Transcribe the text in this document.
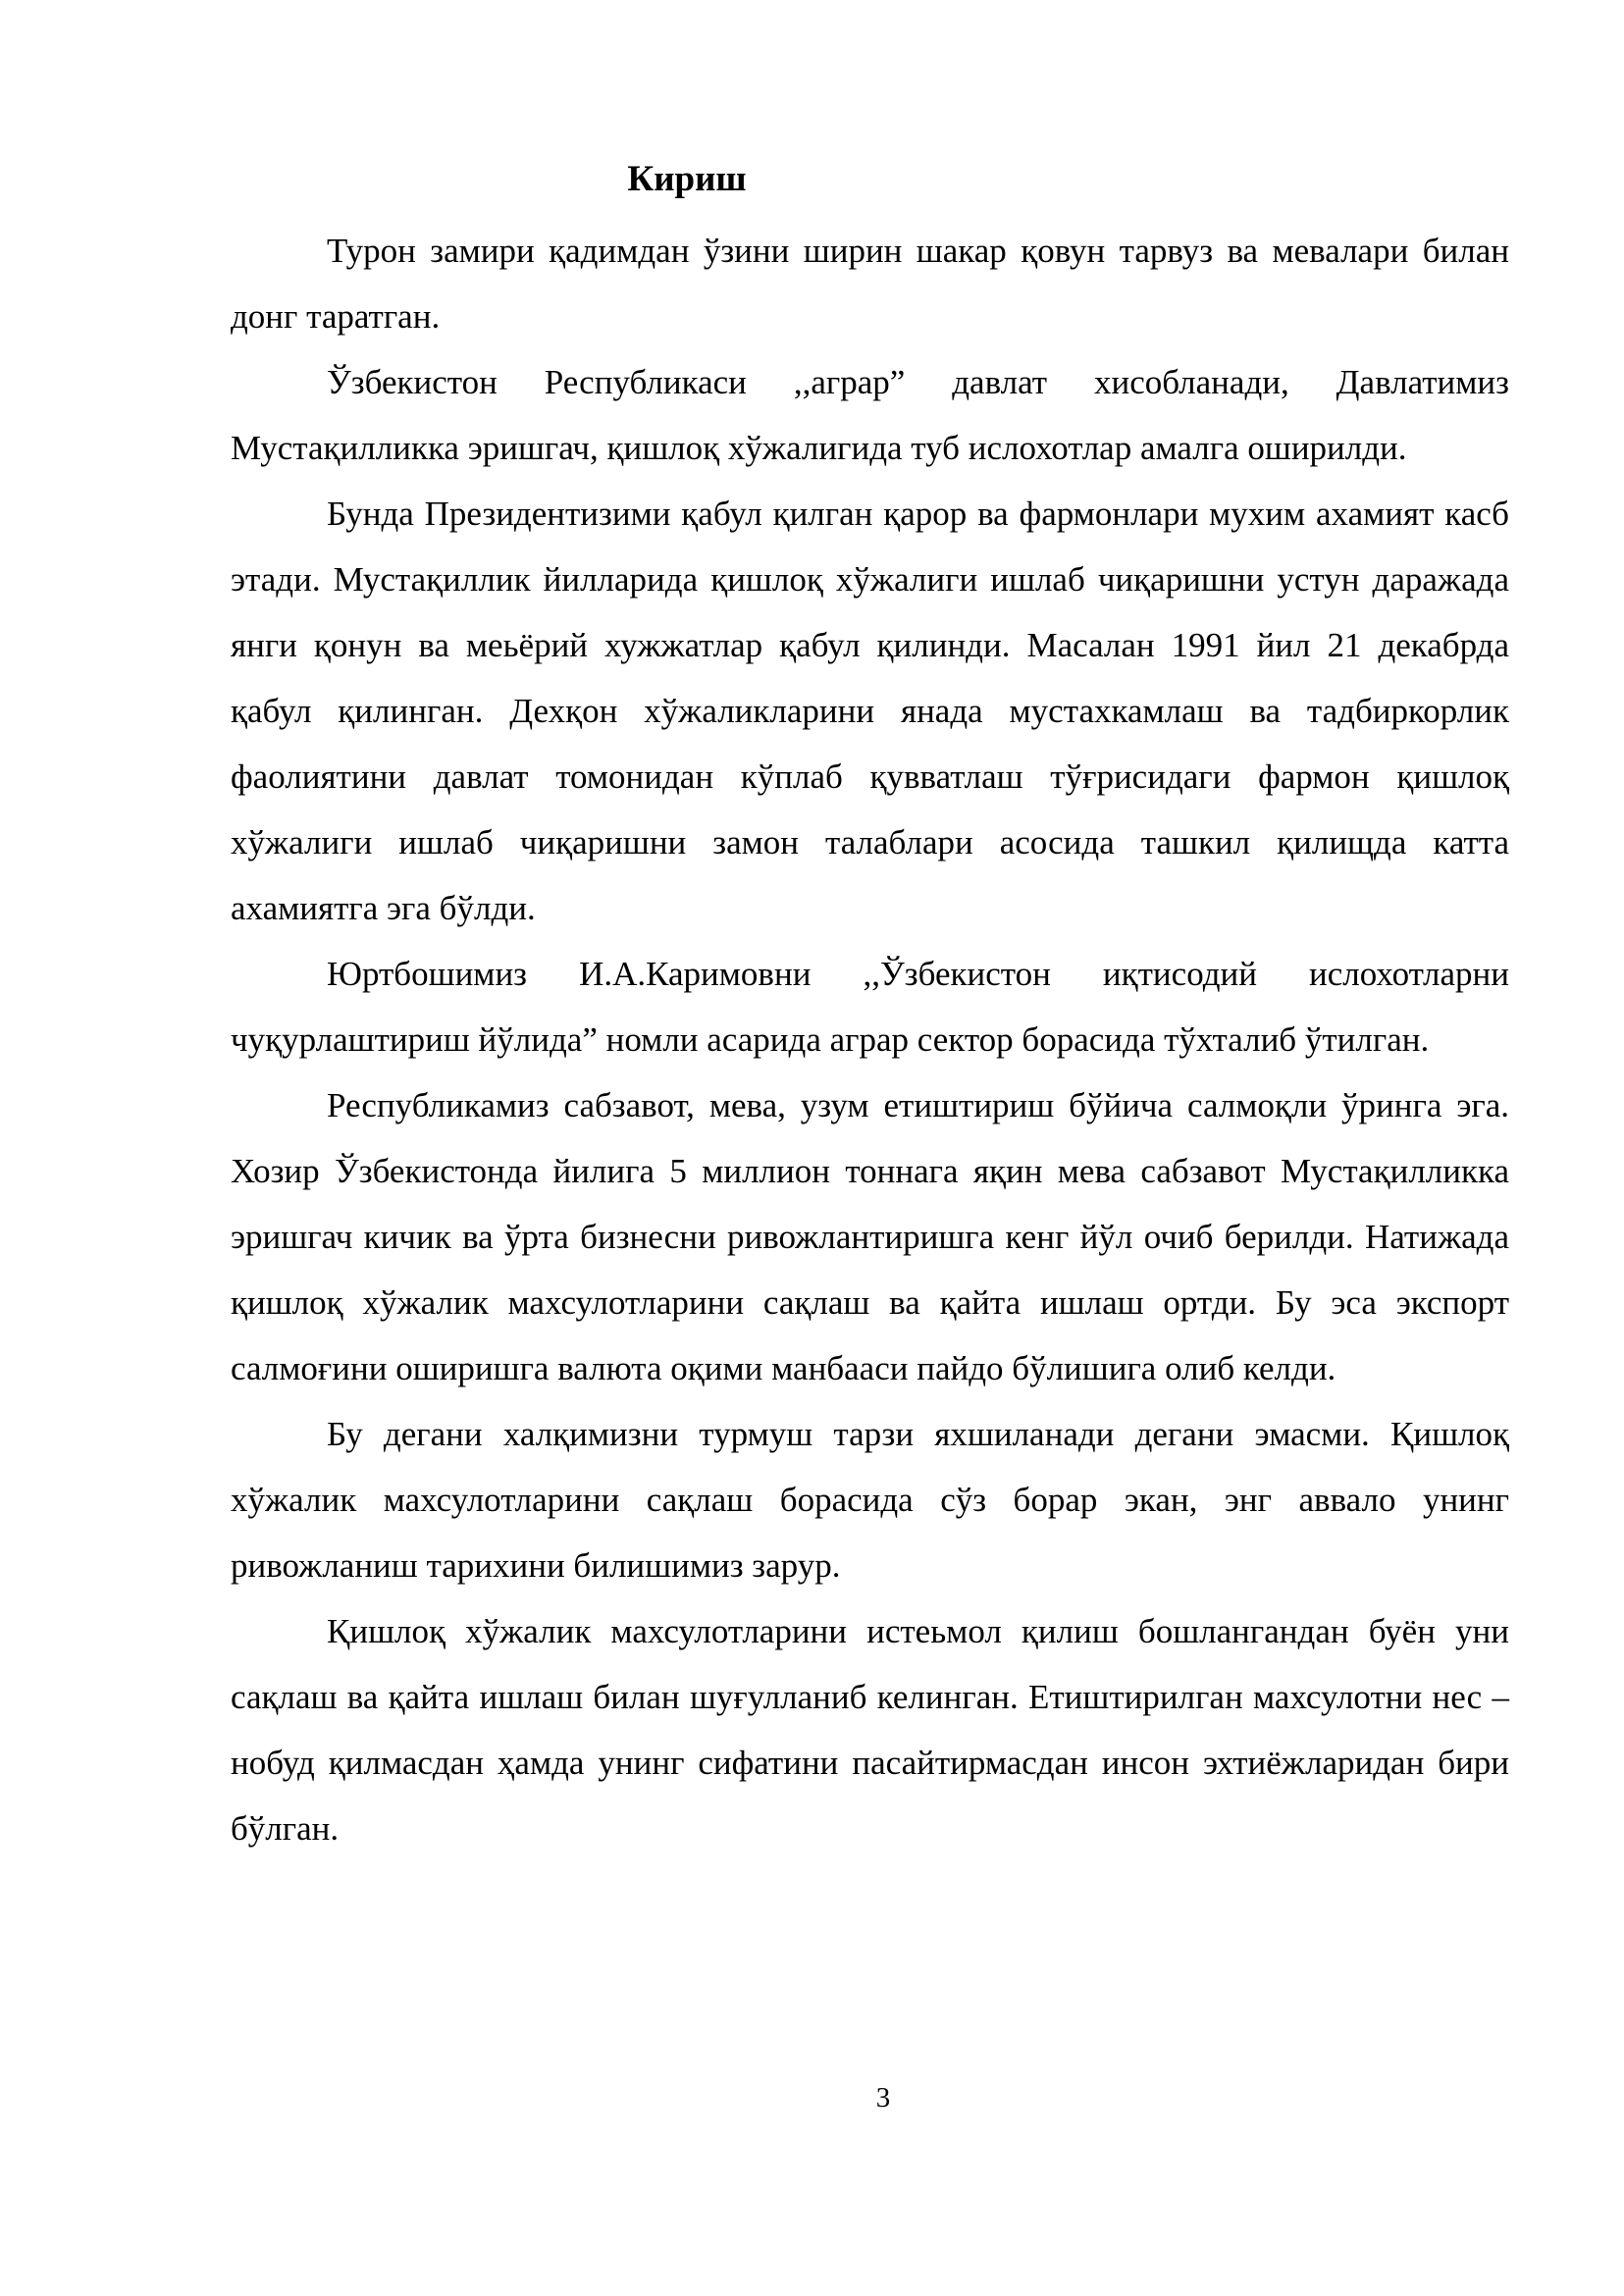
Кириш

Турон замири қадимдан ўзини ширин шакар қовун тарвуз ва мевалари билан донг таратган.

Ўзбекистон Республикаси ,,аграр” давлат хисобланади, Давлатимиз Мустақилликка эришгач, қишлоқ хўжалигида туб ислохотлар амалга оширилди.

Бунда Президентизими қабул қилган қарор ва фармонлари мухим ахамият касб этади. Мустақиллик йилларида қишлоқ хўжалиги ишлаб чиқаришни устун даражада янги қонун ва меьёрий хужжатлар қабул қилинди. Масалан 1991 йил 21 декабрда қабул қилинган. Дехқон хўжаликларини янада мустахкамлаш ва тадбиркорлик фаолиятини давлат томонидан кўплаб қувватлаш тўғрисидаги фармон қишлоқ хўжалиги ишлаб чиқаришни замон талаблари асосида ташкил қилищда катта ахамиятга эга бўлди.

Юртбошимиз И.А.Каримовни ,,Ўзбекистон иқтисодий ислохотларни чуқурлаштириш йўлида” номли асарида аграр сектор борасида тўхталиб ўтилган.

Республикамиз сабзавот, мева, узум етиштириш бўйича салмоқли ўринга эга. Хозир Ўзбекистонда йилига 5 миллион тоннага яқин мева сабзавот Мустақилликка эришгач кичик ва ўрта бизнесни ривожлантиришга кенг йўл очиб берилди. Натижада қишлоқ хўжалик махсулотларини сақлаш ва қайта ишлаш ортди. Бу эса экспорт салмоғини оширишга валюта оқими манбааси пайдо бўлишига олиб келди.

Бу дегани халқимизни турмуш тарзи яхшиланади дегани эмасми. Қишлоқ хўжалик махсулотларини сақлаш борасида сўз борар экан, энг аввало унинг ривожланиш тарихини билишимиз зарур.

Қишлоқ хўжалик махсулотларини истеьмол қилиш бошлангандан буён уни сақлаш ва қайта ишлаш билан шуғулланиб келинган. Етиштирилган махсулотни нес – нобуд қилмасдан ҳамда унинг сифатини пасайтирмасдан инсон эхтиёжларидан бири бўлган.

3
